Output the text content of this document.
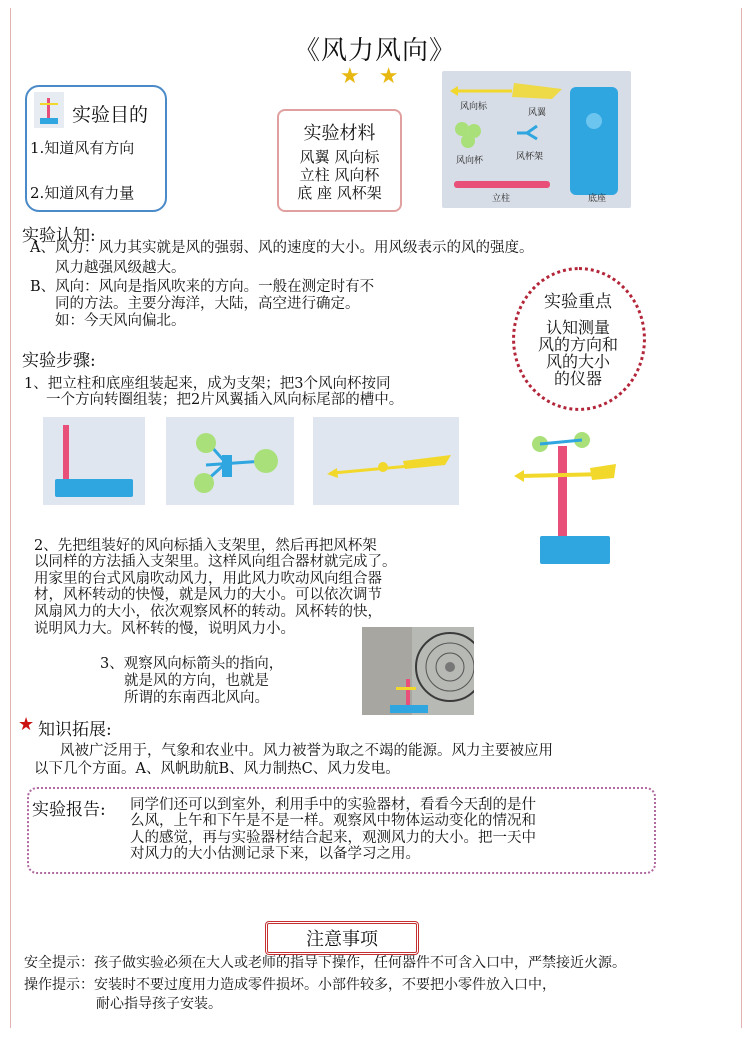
《风力风向》
★ ★
实验目的
1.知道风有方向
2.知道风有力量
实验材料
风翼 风向标
立柱 风向杯
底 座 风杯架
风向标
风翼
风向杯	风杯架
立柱	底座
实验认知:
A、风力：风力其实就是风的强弱、风的速度的大小。用风级表示的风的强度。
风力越强风级越大。
B、风向：风向是指风吹来的方向。一般在测定时有不
同的方法。主要分海洋，大陆，高空进行确定。
如：今天风向偏北。
实验重点
认知测量
风的方向和
风的大小
的仪器
实验步骤:
1、把立柱和底座组装起来，成为支架；把3个风向杯按同
一个方向转圈组装；把2片风翼插入风向标尾部的槽中。
2、先把组装好的风向标插入支架里，然后再把风杯架
以同样的方法插入支架里。这样风向组合器材就完成了。
用家里的台式风扇吹动风力，用此风力吹动风向组合器
材，风杯转动的快慢，就是风力的大小。可以依次调节
风扇风力的大小，依次观察风杯的转动。风杯转的快，
说明风力大。风杯转的慢，说明风力小。
3、观察风向标箭头的指向，
就是风的方向，也就是
所谓的东南西北风向。
★ 知识拓展:
风被广泛用于，气象和农业中。风力被誉为取之不竭的能源。风力主要被应用
以下几个方面。A、风帆助航B、风力制热C、风力发电。
实验报告: 同学们还可以到室外，利用手中的实验器材，看看今天刮的是什
么风，上午和下午是不是一样。观察风中物体运动变化的情况和
人的感觉，再与实验器材结合起来，观测风力的大小。把一天中
对风力的大小估测记录下来，以备学习之用。
注意事项
安全提示：孩子做实验必须在大人或老师的指导下操作，任何器件不可含入口中，严禁接近火源。
操作提示：安装时不要过度用力造成零件损坏。小部件较多，不要把小零件放入口中，
耐心指导孩子安装。
